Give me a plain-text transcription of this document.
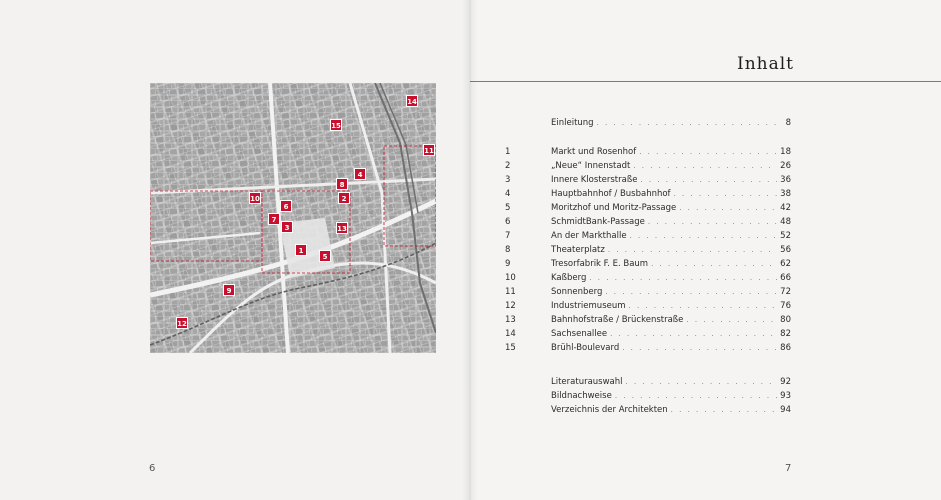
1
2
3
4
5
6
7
8
9
10
11
12
13
14
15
6
Inhalt
Einleitung . . .	8
1	Markt und Rosenhof . . .	18
2	„Neue“ Innenstadt . . .	26
3	Innere Klosterstraße . . .	36
4	Hauptbahnhof / Busbahnhof . . .	38
5	Moritzhof und Moritz-Passage . . .	42
6	SchmidtBank-Passage . . .	48
7	An der Markthalle . . .	52
8	Theaterplatz . . .	56
9	Tresorfabrik F. E. Baum . . .	62
10	Kaßberg . . .	66
11	Sonnenberg . . .	72
12	Industriemuseum . . .	76
13	Bahnhofstraße / Brückenstraße . . .	80
14	Sachsenallee . . .	82
15	Brühl-Boulevard . . .	86
Literaturauswahl . . .	92
Bildnachweise . . .	93
Verzeichnis der Architekten . . .	94
7
